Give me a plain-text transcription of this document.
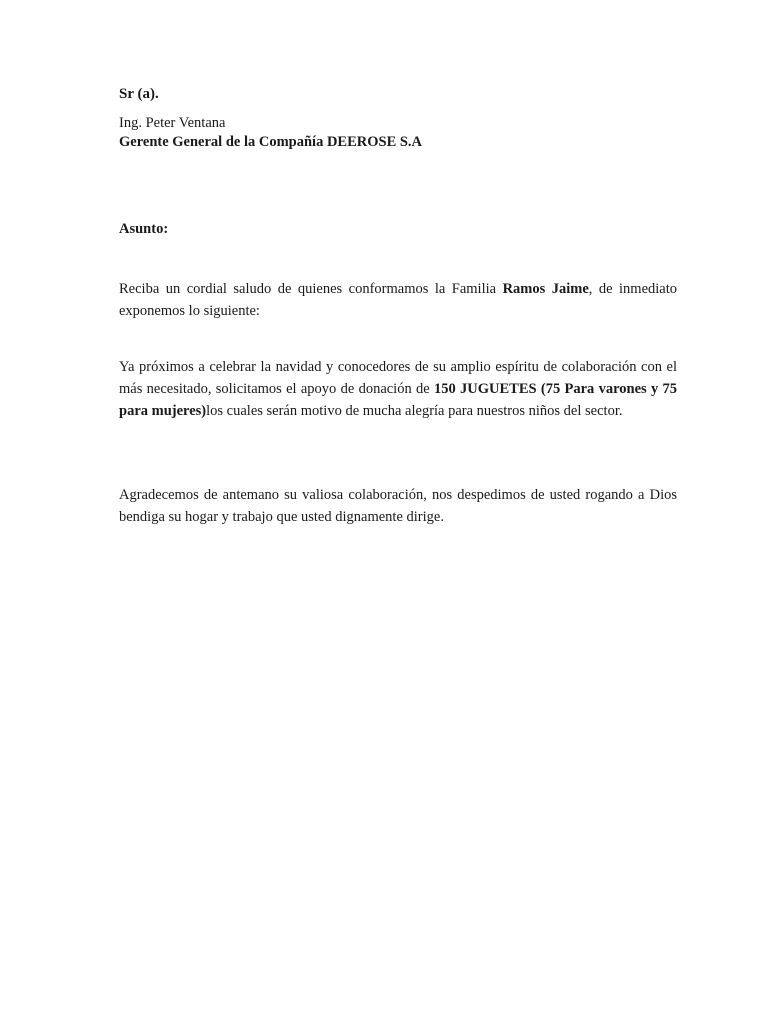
Sr (a).
Ing. Peter Ventana
Gerente General de la Compañía DEEROSE S.A
Asunto:

Reciba un cordial saludo de quienes conformamos la Familia Ramos Jaime, de inmediato exponemos lo siguiente:

Ya próximos a celebrar la navidad y conocedores de su amplio espíritu de colaboración con el más necesitado, solicitamos el apoyo de donación de 150 JUGUETES (75 Para varones y 75 para mujeres)los cuales serán motivo de mucha alegría para nuestros niños del sector.

Agradecemos de antemano su valiosa colaboración, nos despedimos de usted rogando a Dios bendiga su hogar y trabajo que usted dignamente dirige.
